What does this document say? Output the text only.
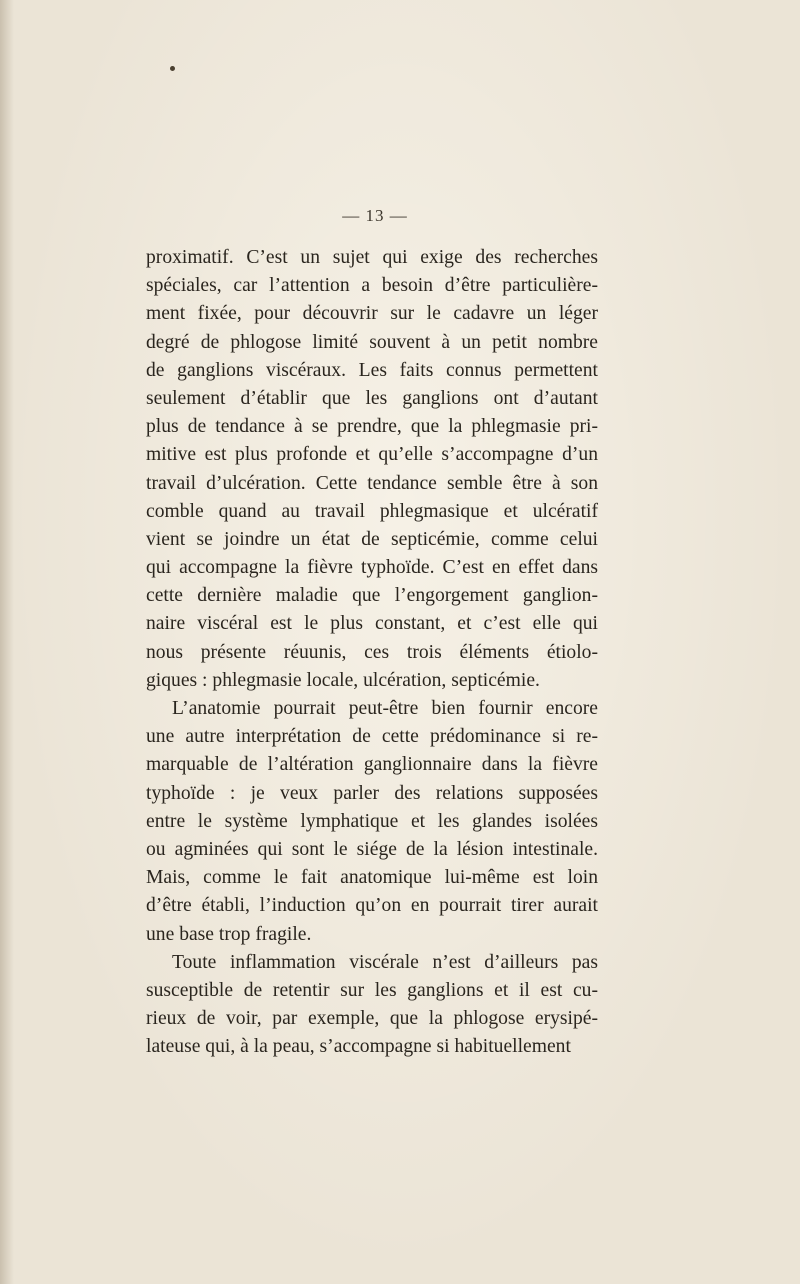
— 13 —
proximatif. C’est un sujet qui exige des recherches
spéciales, car l’attention a besoin d’être particulière-
ment fixée, pour découvrir sur le cadavre un léger
degré de phlogose limité souvent à un petit nombre
de ganglions viscéraux. Les faits connus permettent
seulement d’établir que les ganglions ont d’autant
plus de tendance à se prendre, que la phlegmasie pri-
mitive est plus profonde et qu’elle s’accompagne d’un
travail d’ulcération. Cette tendance semble être à son
comble quand au travail phlegmasique et ulcératif
vient se joindre un état de septicémie, comme celui
qui accompagne la fièvre typhoïde. C’est en effet dans
cette dernière maladie que l’engorgement ganglion-
naire viscéral est le plus constant, et c’est elle qui
nous présente réuunis, ces trois éléments étiolo-
giques : phlegmasie locale, ulcération, septicémie.
L’anatomie pourrait peut-être bien fournir encore
une autre interprétation de cette prédominance si re-
marquable de l’altération ganglionnaire dans la fièvre
typhoïde : je veux parler des relations supposées
entre le système lymphatique et les glandes isolées
ou agminées qui sont le siége de la lésion intestinale.
Mais, comme le fait anatomique lui-même est loin
d’être établi, l’induction qu’on en pourrait tirer aurait
une base trop fragile.
Toute inflammation viscérale n’est d’ailleurs pas
susceptible de retentir sur les ganglions et il est cu-
rieux de voir, par exemple, que la phlogose erysipé-
lateuse qui, à la peau, s’accompagne si habituellement
